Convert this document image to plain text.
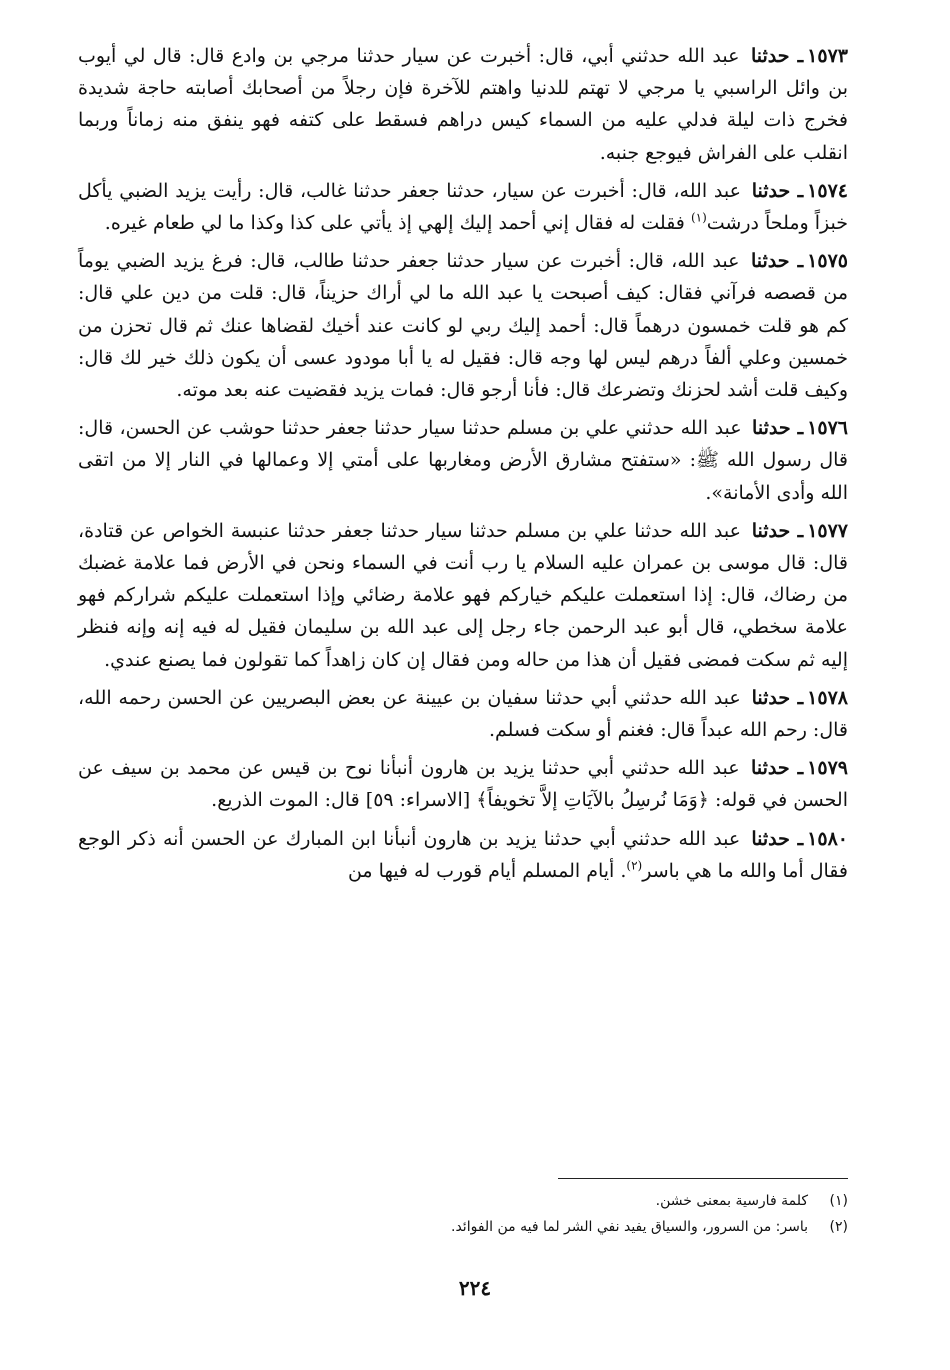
١٥٧٣ـ حدثنا عبد الله حدثني أبي، قال: أخبرت عن سيار حدثنا مرجي بن وادع قال: قال لي أيوب بن وائل الراسبي يا مرجي لا تهتم للدنيا واهتم للآخرة فإن رجلاً من أصحابك أصابته حاجة شديدة فخرج ذات ليلة فدلي عليه من السماء كيس دراهم فسقط على كتفه فهو ينفق منه زماناً وربما انقلب على الفراش فيوجع جنبه.

١٥٧٤ـ حدثنا عبد الله، قال: أخبرت عن سيار، حدثنا جعفر حدثنا غالب، قال: رأيت يزيد الضبي يأكل خبزاً وملحاً درشت$^{(١)}$ فقلت له فقال إني أحمد إليك إلهي إذ يأتي على كذا وكذا ما لي طعام غيره.

١٥٧٥ـ حدثنا عبد الله، قال: أخبرت عن سيار حدثنا جعفر حدثنا طالب، قال: فرغ يزيد الضبي يوماً من قصصه فرآني فقال: كيف أصبحت يا عبد الله ما لي أراك حزيناً، قال: قلت من دين علي قال: كم هو قلت خمسون درهماً قال: أحمد إليك ربي لو كانت عند أخيك لقضاها عنك ثم قال تحزن من خمسين وعلي ألفاً درهم ليس لها وجه قال: فقيل له يا أبا مودود عسى أن يكون ذلك خير لك قال: وكيف قلت أشد لحزنك وتضرعك قال: فأنا أرجو قال: فمات يزيد فقضيت عنه بعد موته.

١٥٧٦ـ حدثنا عبد الله حدثني علي بن مسلم حدثنا سيار حدثنا جعفر حدثنا حوشب عن الحسن، قال: قال رسول الله ﷺ: «ستفتح مشارق الأرض ومغاربها على أمتي إلا وعمالها في النار إلا من اتقى الله وأدى الأمانة».

١٥٧٧ـ حدثنا عبد الله حدثنا علي بن مسلم حدثنا سيار حدثنا جعفر حدثنا عنبسة الخواص عن قتادة، قال: قال موسى بن عمران عليه السلام يا رب أنت في السماء ونحن في الأرض فما علامة غضبك من رضاك، قال: إذا استعملت عليكم خياركم فهو علامة رضائي وإذا استعملت عليكم شراركم فهو علامة سخطي، قال أبو عبد الرحمن جاء رجل إلى عبد الله بن سليمان فقيل له فيه إنه وإنه فنظر إليه ثم سكت فمضى فقيل أن هذا من حاله ومن فقال إن كان زاهداً كما تقولون فما يصنع عندي.

١٥٧٨ـ حدثنا عبد الله حدثني أبي حدثنا سفيان بن عيينة عن بعض البصريين عن الحسن رحمه الله، قال: رحم الله عبداً قال: فغنم أو سكت فسلم.

١٥٧٩ـ حدثنا عبد الله حدثني أبي حدثنا يزيد بن هارون أنبأنا نوح بن قيس عن محمد بن سيف عن الحسن في قوله: ﴿وَمَا نُرسِلُ بالآيَاتِ إلاَّ تخويفاً﴾ [الاسراء: ٥٩] قال: الموت الذريع.

١٥٨٠ـ حدثنا عبد الله حدثني أبي حدثنا يزيد بن هارون أنبأنا ابن المبارك عن الحسن أنه ذكر الوجع فقال أما والله ما هي باسر$^{(٢)}$. أيام المسلم أيام قورب له فيها من

(١)كلمة فارسية بمعنى خشن.
(٢)باسر: من السرور، والسياق يفيد نفي الشر لما فيه من الفوائد.
٢٢٤
